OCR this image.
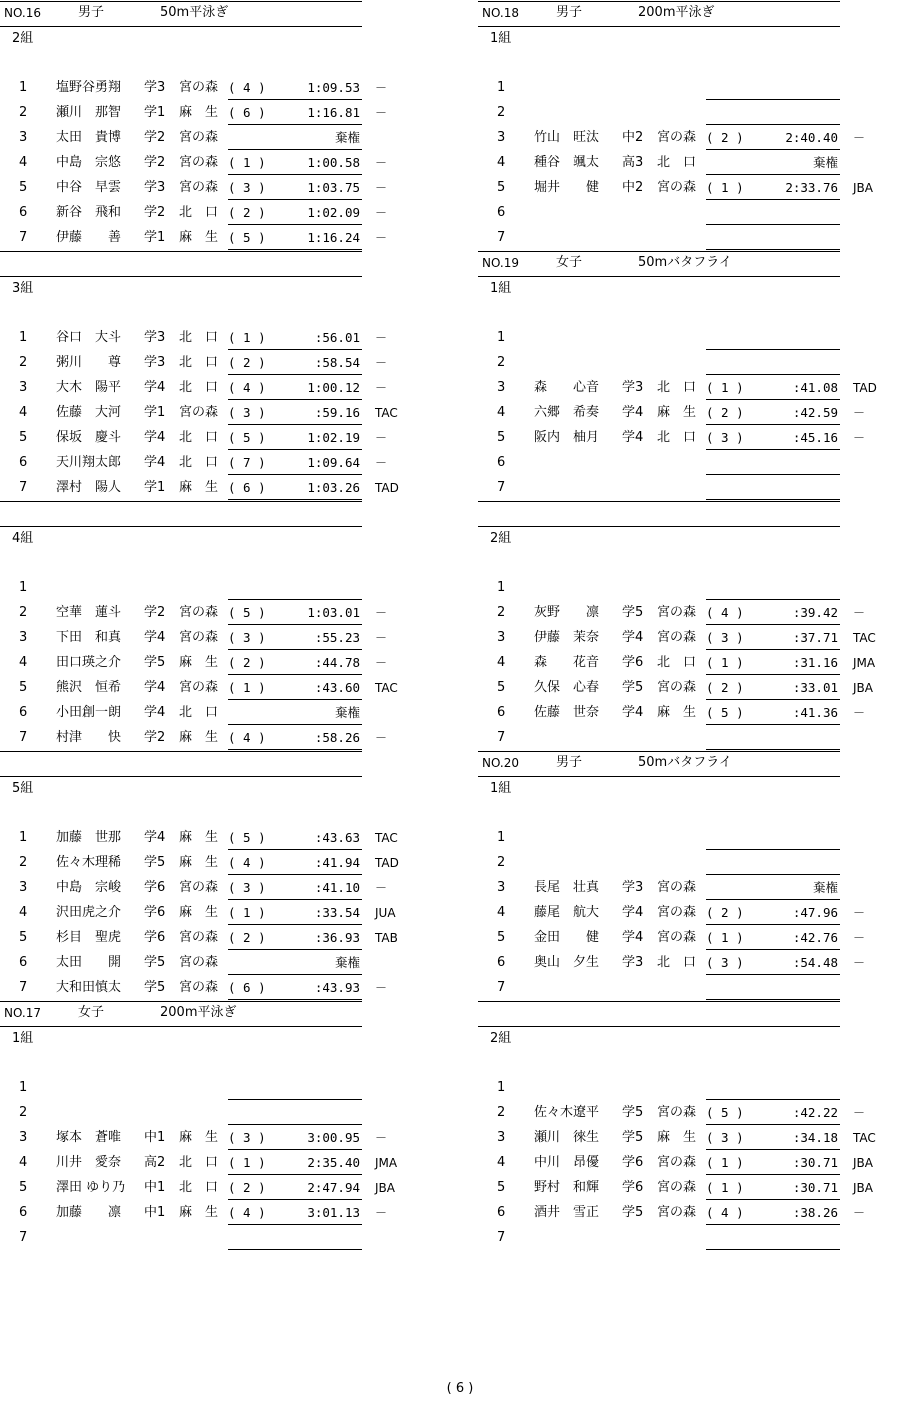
NO.16	男子	50m平泳ぎ
2組
1 塩野谷勇翔 学3 宮の森 ( 4 )	1:09.53 －
2 瀬川　那智 学1 麻　生 ( 6 )	1:16.81 －
3 太田　貴博 学2 宮の森	棄権
4 中島　宗悠 学2 宮の森 ( 1 )	1:00.58 －
5 中谷　早雲 学3 宮の森 ( 3 )	1:03.75 －
6 新谷　飛和 学2 北　口 ( 2 )	1:02.09 －
7 伊藤　　善 学1 麻　生 ( 5 )	1:16.24 －
3組
1 谷口　大斗 学3 北　口 ( 1 )	:56.01 －
2 粥川　　尊 学3 北　口 ( 2 )	:58.54 －
3 大木　陽平 学4 北　口 ( 4 )	1:00.12 －
4 佐藤　大河 学1 宮の森 ( 3 )	:59.16 TAC
5 保坂　慶斗 学4 北　口 ( 5 )	1:02.19 －
6 天川翔太郎 学4 北　口 ( 7 )	1:09.64 －
7 澤村　陽人 学1 麻　生 ( 6 )	1:03.26 TAD
4組
1
2 空華　蓮斗 学2 宮の森 ( 5 )	1:03.01 －
3 下田　和真 学4 宮の森 ( 3 )	:55.23 －
4 田口瑛之介 学5 麻　生 ( 2 )	:44.78 －
5 熊沢　恒希 学4 宮の森 ( 1 )	:43.60 TAC
6 小田創一朗 学4 北　口	棄権
7 村津　　快 学2 麻　生 ( 4 )	:58.26 －
5組
1 加藤　世那 学4 麻　生 ( 5 )	:43.63 TAC
2 佐々木理稀 学5 麻　生 ( 4 )	:41.94 TAD
3 中島　宗峻 学6 宮の森 ( 3 )	:41.10 －
4 沢田虎之介 学6 麻　生 ( 1 )	:33.54 JUA
5 杉目　聖虎 学6 宮の森 ( 2 )	:36.93 TAB
6 太田　　開 学5 宮の森	棄権
7 大和田慎太 学5 宮の森 ( 6 )	:43.93 －
NO.17	女子	200m平泳ぎ
1組
1
2
3 塚本　蒼唯 中1 麻　生 ( 3 )	3:00.95 －
4 川井　愛奈 高2 北　口 ( 1 )	2:35.40 JMA
5 澤田 ゆり乃 中1 北　口 ( 2 )	2:47.94 JBA
6 加藤　　凛 中1 麻　生 ( 4 )	3:01.13 －
7
NO.18	男子	200m平泳ぎ
1組
1
2
3 竹山　旺汰 中2 宮の森 ( 2 )	2:40.40 －
4 種谷　颯太 高3 北　口	棄権
5 堀井　　健 中2 宮の森 ( 1 )	2:33.76 JBA
6
7
NO.19	女子	50mバタフライ
1組
1
2
3 森　　心音 学3 北　口 ( 1 )	:41.08 TAD
4 六郷　希奏 学4 麻　生 ( 2 )	:42.59 －
5 阪内　柚月 学4 北　口 ( 3 )	:45.16 －
6
7
2組
1
2 灰野　　凛 学5 宮の森 ( 4 )	:39.42 －
3 伊藤　茉奈 学4 宮の森 ( 3 )	:37.71 TAC
4 森　　花音 学6 北　口 ( 1 )	:31.16 JMA
5 久保　心春 学5 宮の森 ( 2 )	:33.01 JBA
6 佐藤　世奈 学4 麻　生 ( 5 )	:41.36 －
7
NO.20	男子	50mバタフライ
1組
1
2
3 長尾　壮真 学3 宮の森	棄権
4 藤尾　航大 学4 宮の森 ( 2 )	:47.96 －
5 金田　　健 学4 宮の森 ( 1 )	:42.76 －
6 奥山　夕生 学3 北　口 ( 3 )	:54.48 －
7
2組
1
2 佐々木遼平 学5 宮の森 ( 5 )	:42.22 －
3 瀬川　徠生 学5 麻　生 ( 3 )	:34.18 TAC
4 中川　昂優 学6 宮の森 ( 1 )	:30.71 JBA
5 野村　和輝 学6 宮の森 ( 1 )	:30.71 JBA
6 酒井　雪正 学5 宮の森 ( 4 )	:38.26 －
7
( 6 )
